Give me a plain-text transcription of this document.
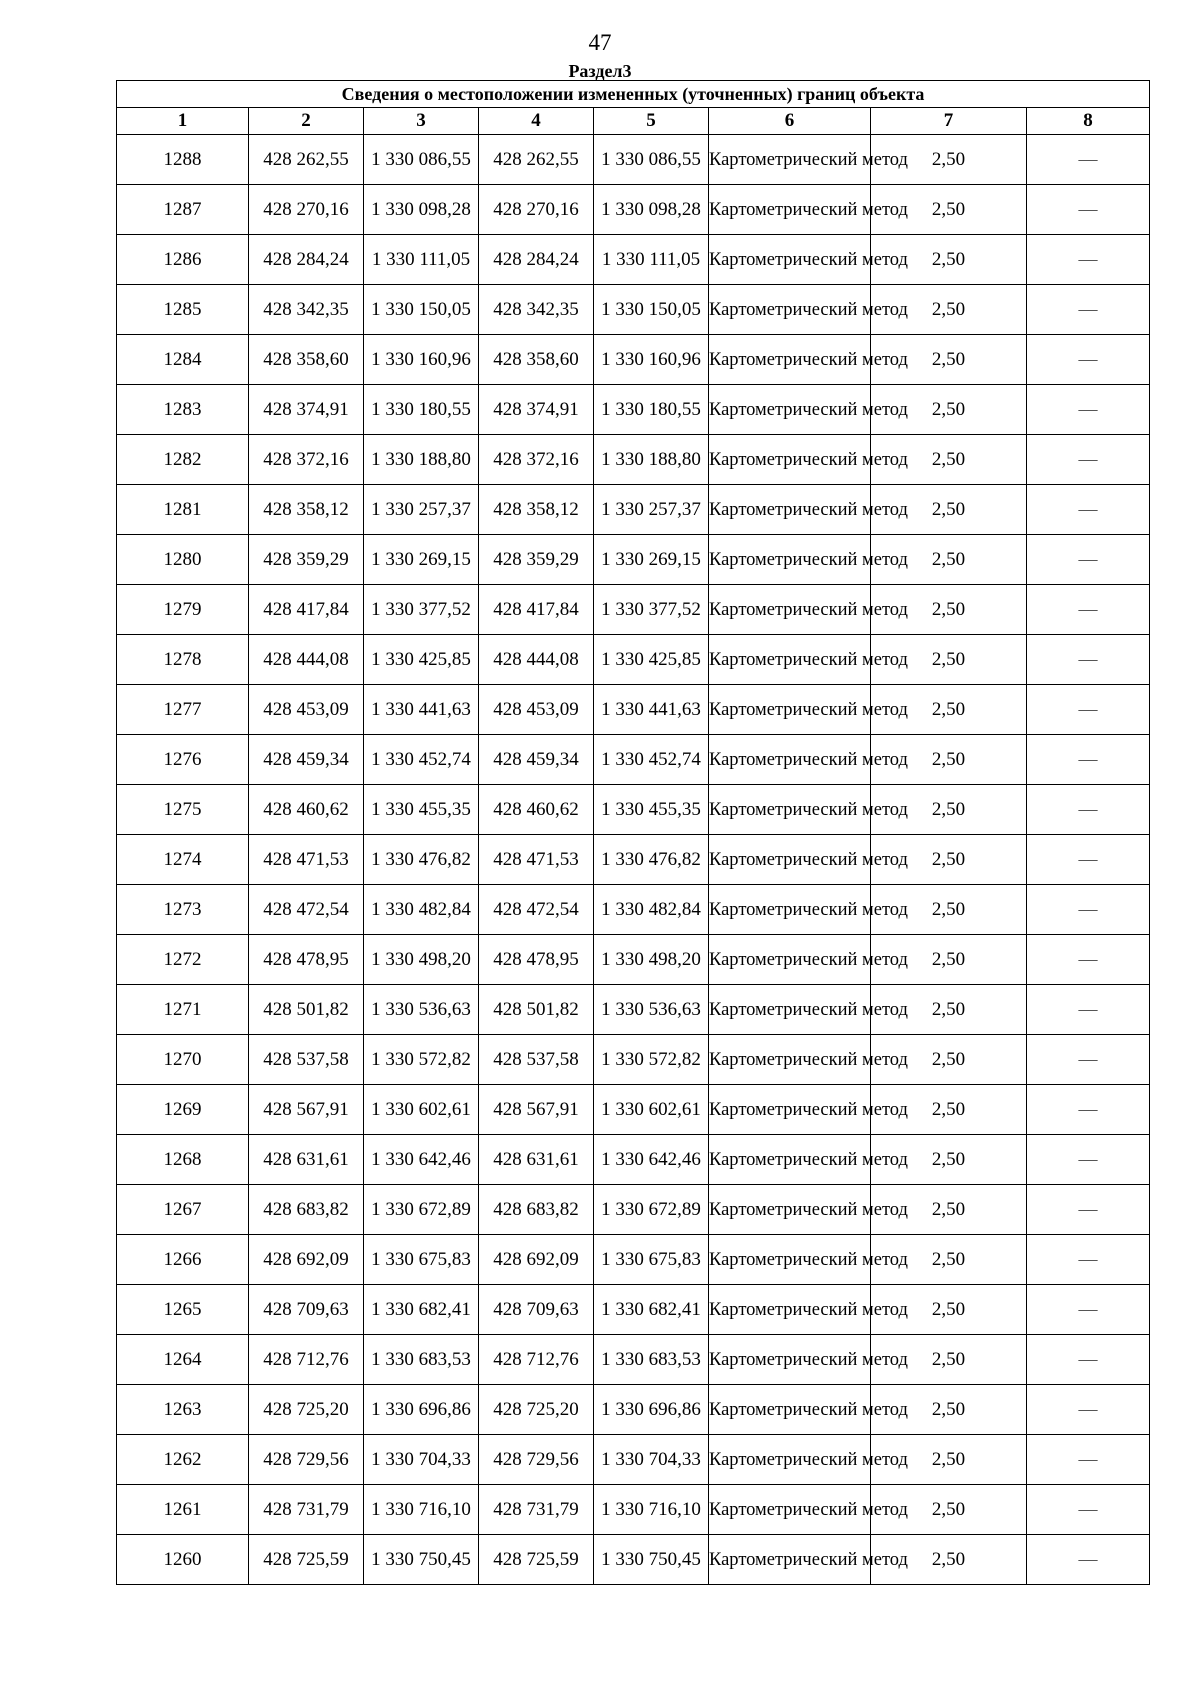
47
Раздел3
Сведения о местоположении измененных (уточненных) границ объекта							
1	2	3	4	5	6	7	8
1288	428 262,55	1 330 086,55	428 262,55	1 330 086,55	Картометрический метод	2,50	—
1287	428 270,16	1 330 098,28	428 270,16	1 330 098,28	Картометрический метод	2,50	—
1286	428 284,24	1 330 111,05	428 284,24	1 330 111,05	Картометрический метод	2,50	—
1285	428 342,35	1 330 150,05	428 342,35	1 330 150,05	Картометрический метод	2,50	—
1284	428 358,60	1 330 160,96	428 358,60	1 330 160,96	Картометрический метод	2,50	—
1283	428 374,91	1 330 180,55	428 374,91	1 330 180,55	Картометрический метод	2,50	—
1282	428 372,16	1 330 188,80	428 372,16	1 330 188,80	Картометрический метод	2,50	—
1281	428 358,12	1 330 257,37	428 358,12	1 330 257,37	Картометрический метод	2,50	—
1280	428 359,29	1 330 269,15	428 359,29	1 330 269,15	Картометрический метод	2,50	—
1279	428 417,84	1 330 377,52	428 417,84	1 330 377,52	Картометрический метод	2,50	—
1278	428 444,08	1 330 425,85	428 444,08	1 330 425,85	Картометрический метод	2,50	—
1277	428 453,09	1 330 441,63	428 453,09	1 330 441,63	Картометрический метод	2,50	—
1276	428 459,34	1 330 452,74	428 459,34	1 330 452,74	Картометрический метод	2,50	—
1275	428 460,62	1 330 455,35	428 460,62	1 330 455,35	Картометрический метод	2,50	—
1274	428 471,53	1 330 476,82	428 471,53	1 330 476,82	Картометрический метод	2,50	—
1273	428 472,54	1 330 482,84	428 472,54	1 330 482,84	Картометрический метод	2,50	—
1272	428 478,95	1 330 498,20	428 478,95	1 330 498,20	Картометрический метод	2,50	—
1271	428 501,82	1 330 536,63	428 501,82	1 330 536,63	Картометрический метод	2,50	—
1270	428 537,58	1 330 572,82	428 537,58	1 330 572,82	Картометрический метод	2,50	—
1269	428 567,91	1 330 602,61	428 567,91	1 330 602,61	Картометрический метод	2,50	—
1268	428 631,61	1 330 642,46	428 631,61	1 330 642,46	Картометрический метод	2,50	—
1267	428 683,82	1 330 672,89	428 683,82	1 330 672,89	Картометрический метод	2,50	—
1266	428 692,09	1 330 675,83	428 692,09	1 330 675,83	Картометрический метод	2,50	—
1265	428 709,63	1 330 682,41	428 709,63	1 330 682,41	Картометрический метод	2,50	—
1264	428 712,76	1 330 683,53	428 712,76	1 330 683,53	Картометрический метод	2,50	—
1263	428 725,20	1 330 696,86	428 725,20	1 330 696,86	Картометрический метод	2,50	—
1262	428 729,56	1 330 704,33	428 729,56	1 330 704,33	Картометрический метод	2,50	—
1261	428 731,79	1 330 716,10	428 731,79	1 330 716,10	Картометрический метод	2,50	—
1260	428 725,59	1 330 750,45	428 725,59	1 330 750,45	Картометрический метод	2,50	—
